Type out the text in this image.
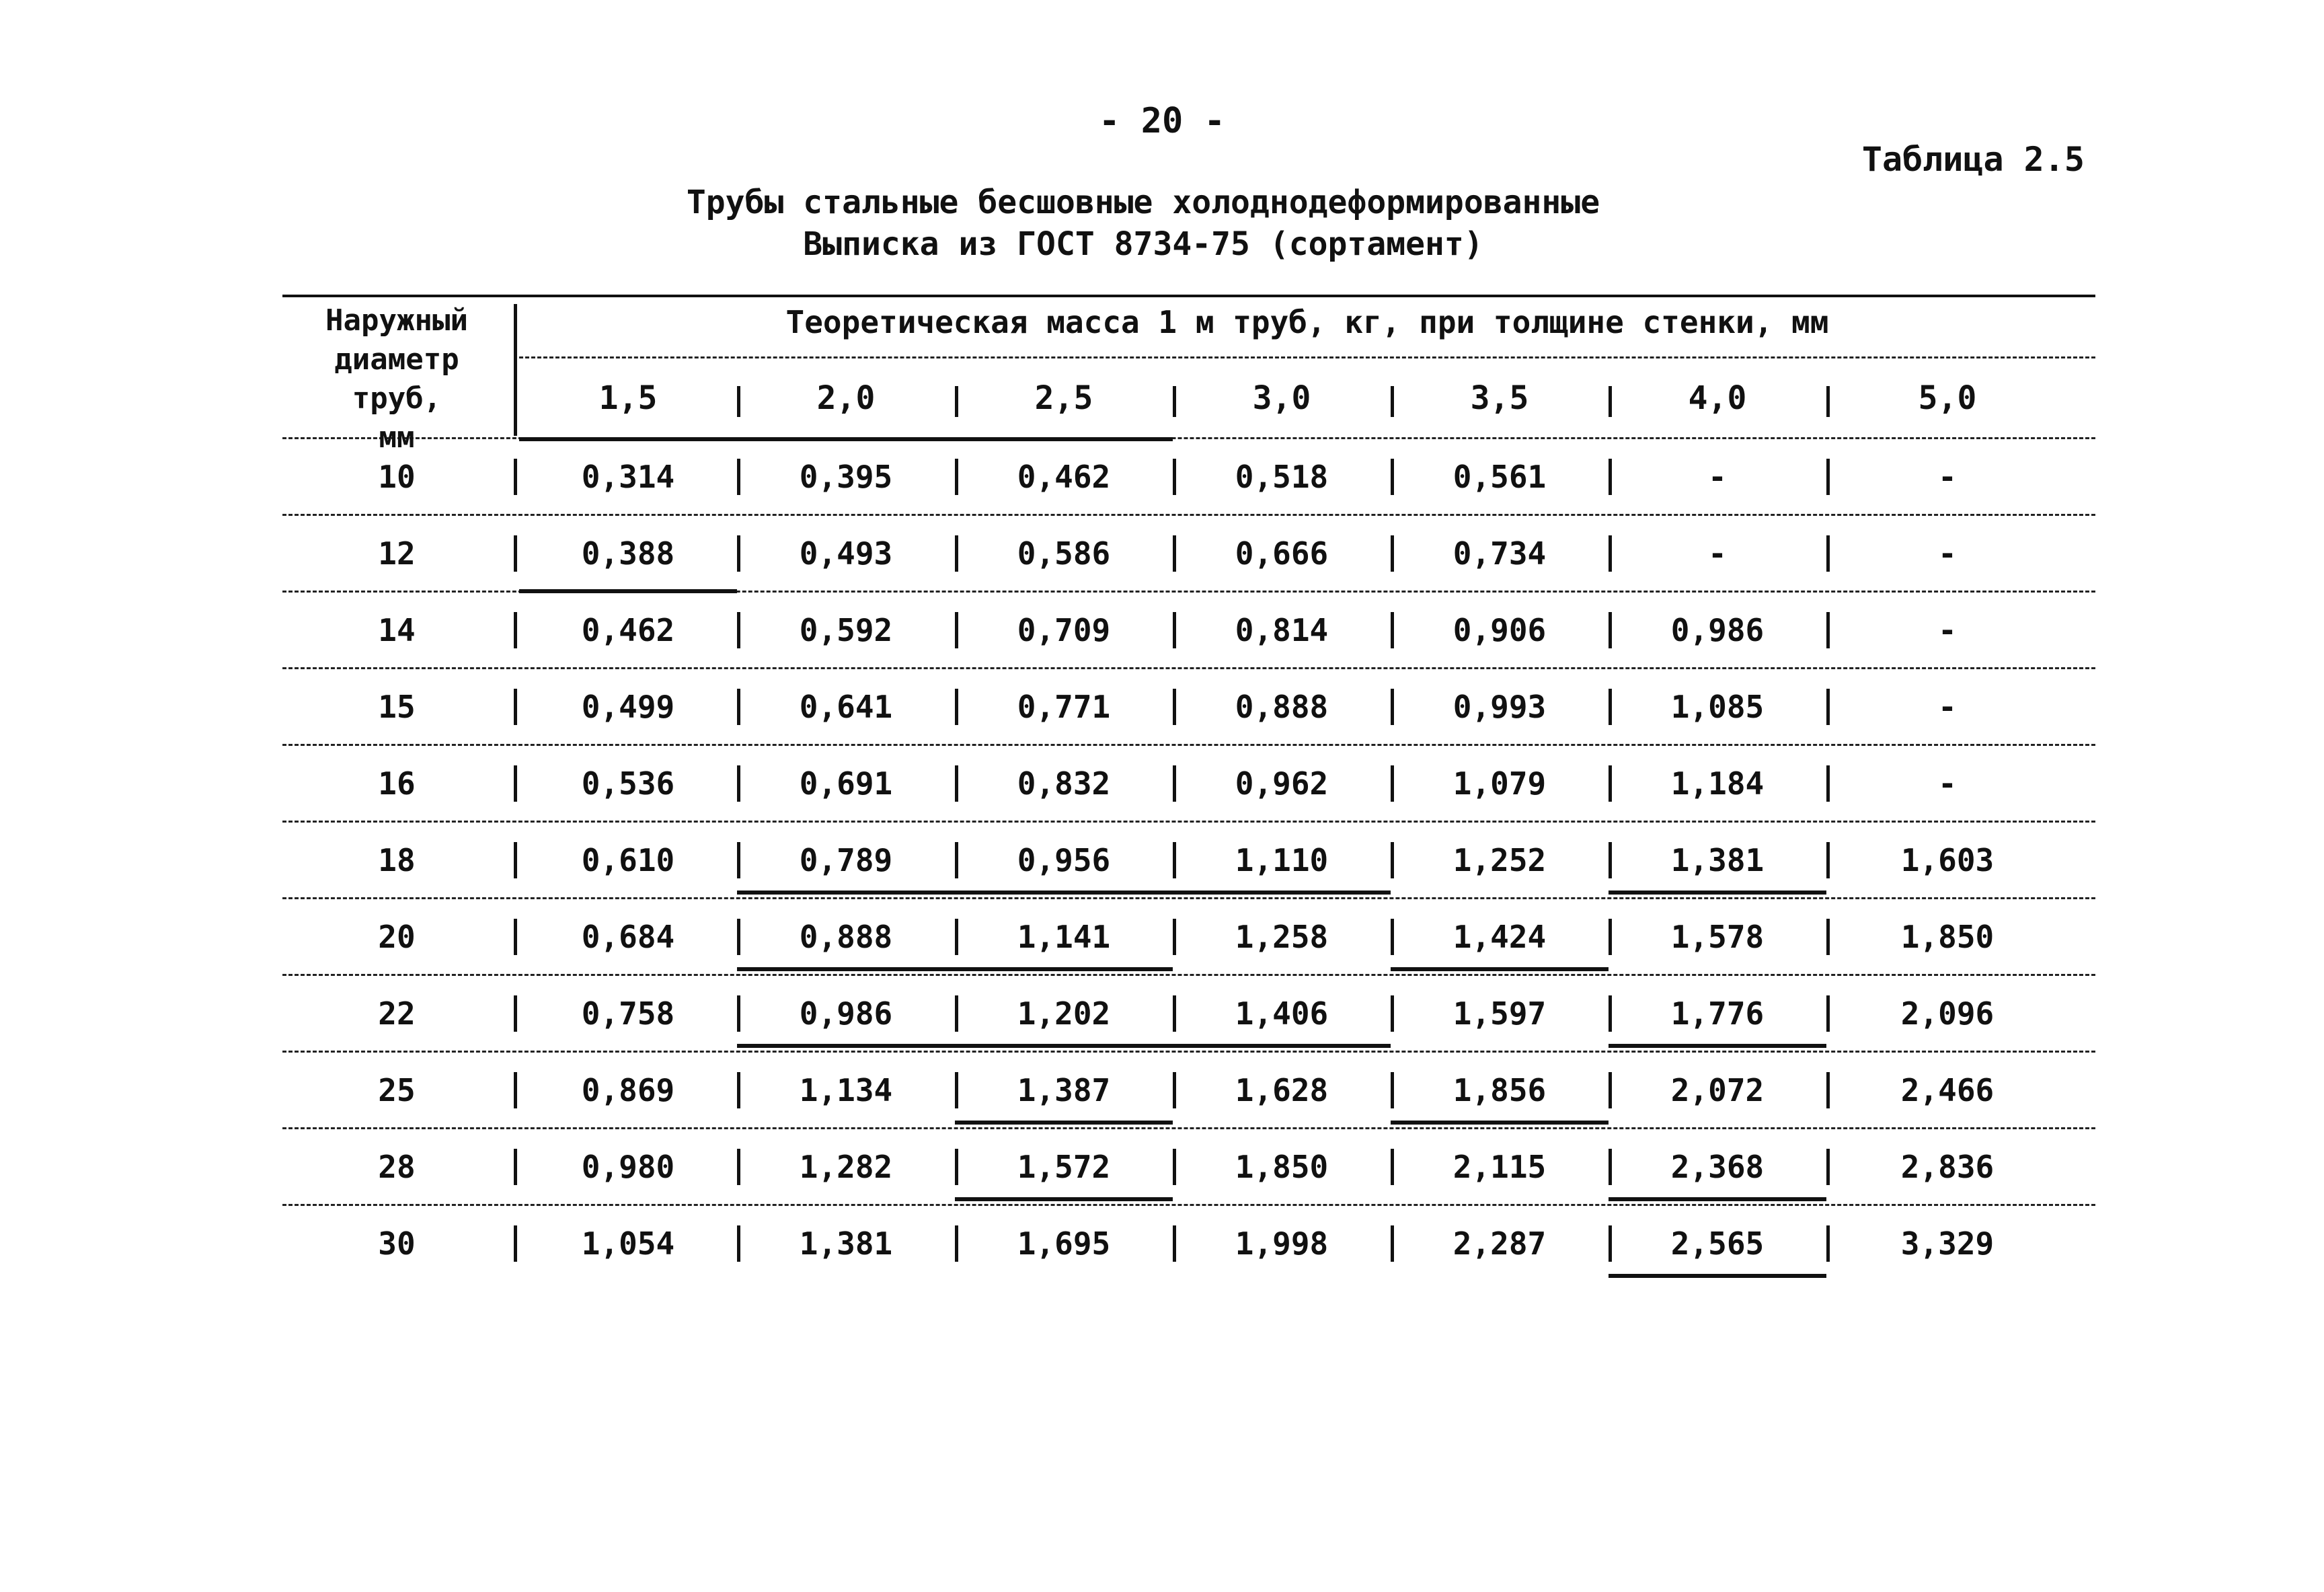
- 20 -
Таблица 2.5
Трубы стальные бесшовные холоднодеформированные
Выписка из ГОСТ 8734-75 (сортамент)
Наружный
диаметр труб,
мм
Теоретическая масса 1 м труб, кг, при толщине стенки, мм
1,5	2,0	2,5	3,0	3,5	4,0	5,0
10	0,314	0,395	0,462	0,518	0,561	-	-
12	0,388	0,493	0,586	0,666	0,734	-	-
14	0,462	0,592	0,709	0,814	0,906	0,986	-
15	0,499	0,641	0,771	0,888	0,993	1,085	-
16	0,536	0,691	0,832	0,962	1,079	1,184	-
18	0,610	0,789	0,956	1,110	1,252	1,381	1,603
20	0,684	0,888	1,141	1,258	1,424	1,578	1,850
22	0,758	0,986	1,202	1,406	1,597	1,776	2,096
25	0,869	1,134	1,387	1,628	1,856	2,072	2,466
28	0,980	1,282	1,572	1,850	2,115	2,368	2,836
30	1,054	1,381	1,695	1,998	2,287	2,565	3,329
